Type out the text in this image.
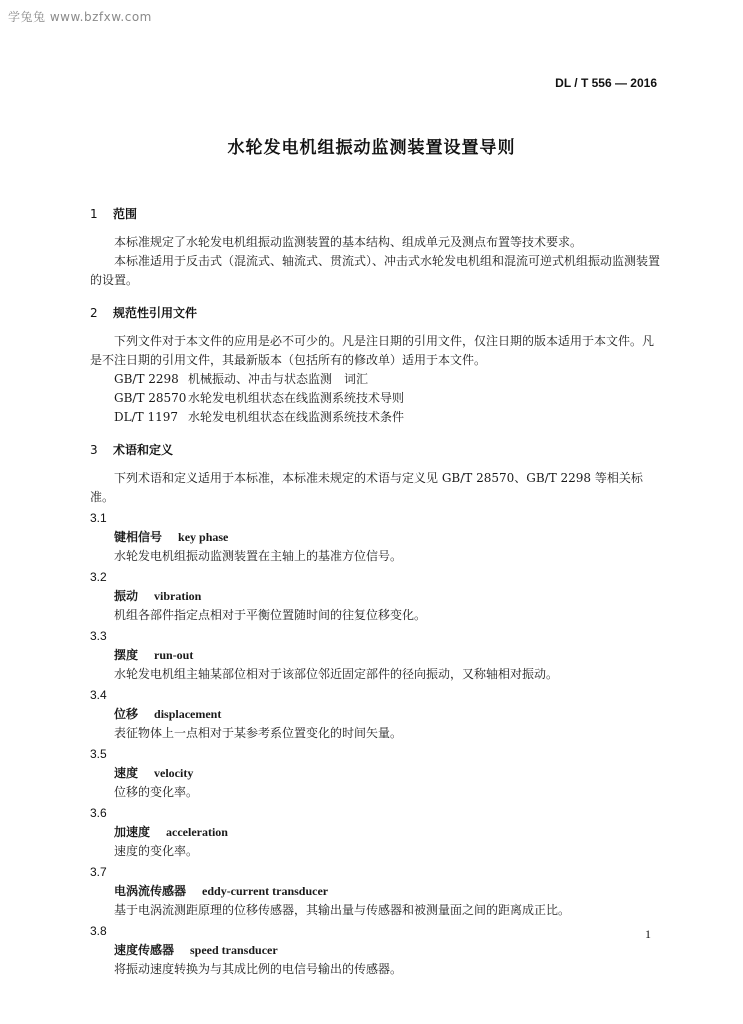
学兔兔 www.bzfxw.com
DL / T 556 — 2016
水轮发电机组振动监测装置设置导则
1 范围

本标准规定了水轮发电机组振动监测装置的基本结构、组成单元及测点布置等技术要求。

本标准适用于反击式（混流式、轴流式、贯流式）、冲击式水轮发电机组和混流可逆式机组振动监测装置的设置。

2 规范性引用文件

下列文件对于本文件的应用是必不可少的。凡是注日期的引用文件，仅注日期的版本适用于本文件。凡是不注日期的引用文件，其最新版本（包括所有的修改单）适用于本文件。

GB/T 2298 机械振动、冲击与状态监测　词汇

GB/T 28570 水轮发电机组状态在线监测系统技术导则

DL/T 1197 水轮发电机组状态在线监测系统技术条件

3 术语和定义

下列术语和定义适用于本标准，本标准未规定的术语与定义见 GB/T 28570、GB/T 2298 等相关标准。

3.1
键相信号 key phase
水轮发电机组振动监测装置在主轴上的基准方位信号。
3.2
振动 vibration
机组各部件指定点相对于平衡位置随时间的往复位移变化。
3.3
摆度 run-out
水轮发电机组主轴某部位相对于该部位邻近固定部件的径向振动，又称轴相对振动。
3.4
位移 displacement
表征物体上一点相对于某参考系位置变化的时间矢量。
3.5
速度 velocity
位移的变化率。
3.6
加速度 acceleration
速度的变化率。
3.7
电涡流传感器 eddy-current transducer
基于电涡流测距原理的位移传感器，其输出量与传感器和被测量面之间的距离成正比。
3.8
速度传感器 speed transducer
将振动速度转换为与其成比例的电信号输出的传感器。
1
